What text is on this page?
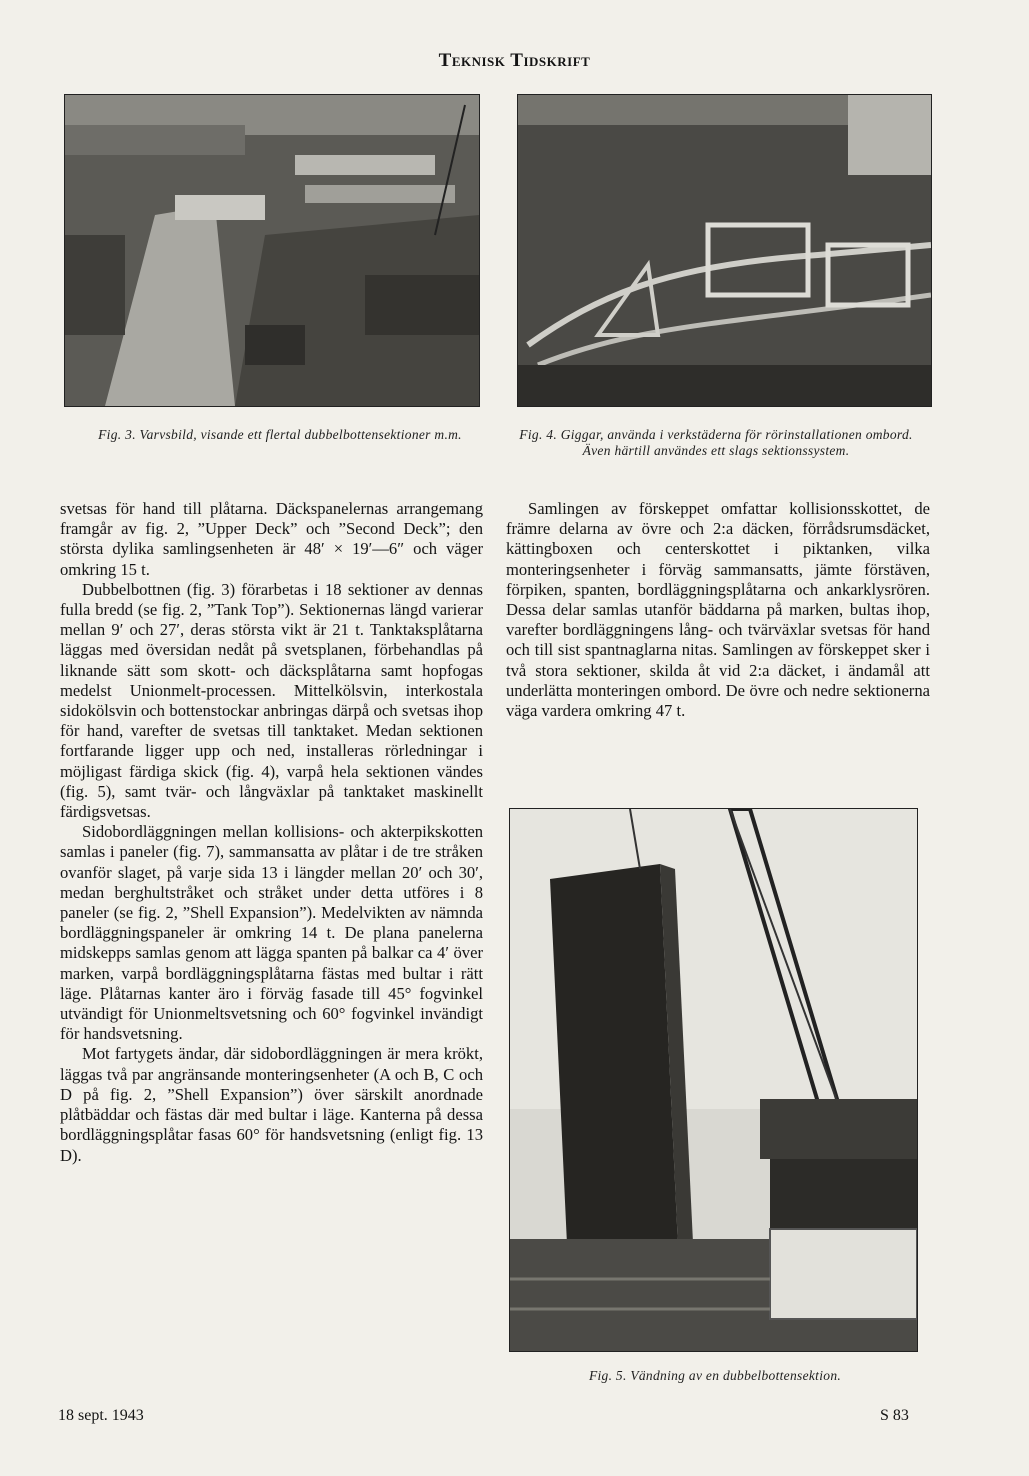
Teknisk Tidskrift
Fig. 3. Varvsbild, visande ett flertal dubbelbottensektioner m.m.	Fig. 4. Giggar, använda i verkstäderna för rörinstallationen ombord. Även härtill användes ett slags sektionssystem.

svetsas för hand till plåtarna. Däckspanelernas arrangemang framgår av fig. 2, ”Upper Deck” och ”Second Deck”; den största dylika samlingsenheten är 48′ × 19′—6″ och väger omkring 15 t.

Dubbelbottnen (fig. 3) förarbetas i 18 sektioner av dennas fulla bredd (se fig. 2, ”Tank Top”). Sektionernas längd varierar mellan 9′ och 27′, deras största vikt är 21 t. Tanktaksplåtarna läggas med översidan nedåt på svetsplanen, förbehandlas på liknande sätt som skott- och däcksplåtarna samt hopfogas medelst Unionmelt-processen. Mittelkölsvin, interkostala sidokölsvin och bottenstockar anbringas därpå och svetsas ihop för hand, varefter de svetsas till tanktaket. Medan sektionen fortfarande ligger upp och ned, installeras rörledningar i möjligast färdiga skick (fig. 4), varpå hela sektionen vändes (fig. 5), samt tvär- och långväxlar på tanktaket maskinellt färdigsvetsas.

Sidobordläggningen mellan kollisions- och akterpikskotten samlas i paneler (fig. 7), sammansatta av plåtar i de tre stråken ovanför slaget, på varje sida 13 i längder mellan 20′ och 30′, medan berghultstråket och stråket under detta utföres i 8 paneler (se fig. 2, ”Shell Expansion”). Medelvikten av nämnda bordläggningspaneler är omkring 14 t. De plana panelerna midskepps samlas genom att lägga spanten på balkar ca 4′ över marken, varpå bordläggningsplåtarna fästas med bultar i rätt läge. Plåtarnas kanter äro i förväg fasade till 45° fogvinkel utvändigt för Unionmeltsvetsning och 60° fogvinkel invändigt för handsvetsning.

Mot fartygets ändar, där sidobordläggningen är mera krökt, läggas två par angränsande monteringsenheter (A och B, C och D på fig. 2, ”Shell Expansion”) över särskilt anordnade plåtbäddar och fästas där med bultar i läge. Kanterna på dessa bordläggningsplåtar fasas 60° för handsvetsning (enligt fig. 13 D).

Samlingen av förskeppet omfattar kollisionsskottet, de främre delarna av övre och 2:a däcken, förrådsrumsdäcket, kättingboxen och centerskottet i piktanken, vilka monteringsenheter i förväg sammansatts, jämte förstäven, förpiken, spanten, bordläggningsplåtarna och ankarklysrören. Dessa delar samlas utanför bäddarna på marken, bultas ihop, varefter bordläggningens lång- och tvärväxlar svetsas för hand och till sist spantnaglarna nitas. Samlingen av förskeppet sker i två stora sektioner, skilda åt vid 2:a däcket, i ändamål att underlätta monteringen ombord. De övre och nedre sektionerna väga vardera omkring 47 t.

Fig. 5. Vändning av en dubbelbottensektion.
18 sept. 1943	S 83
